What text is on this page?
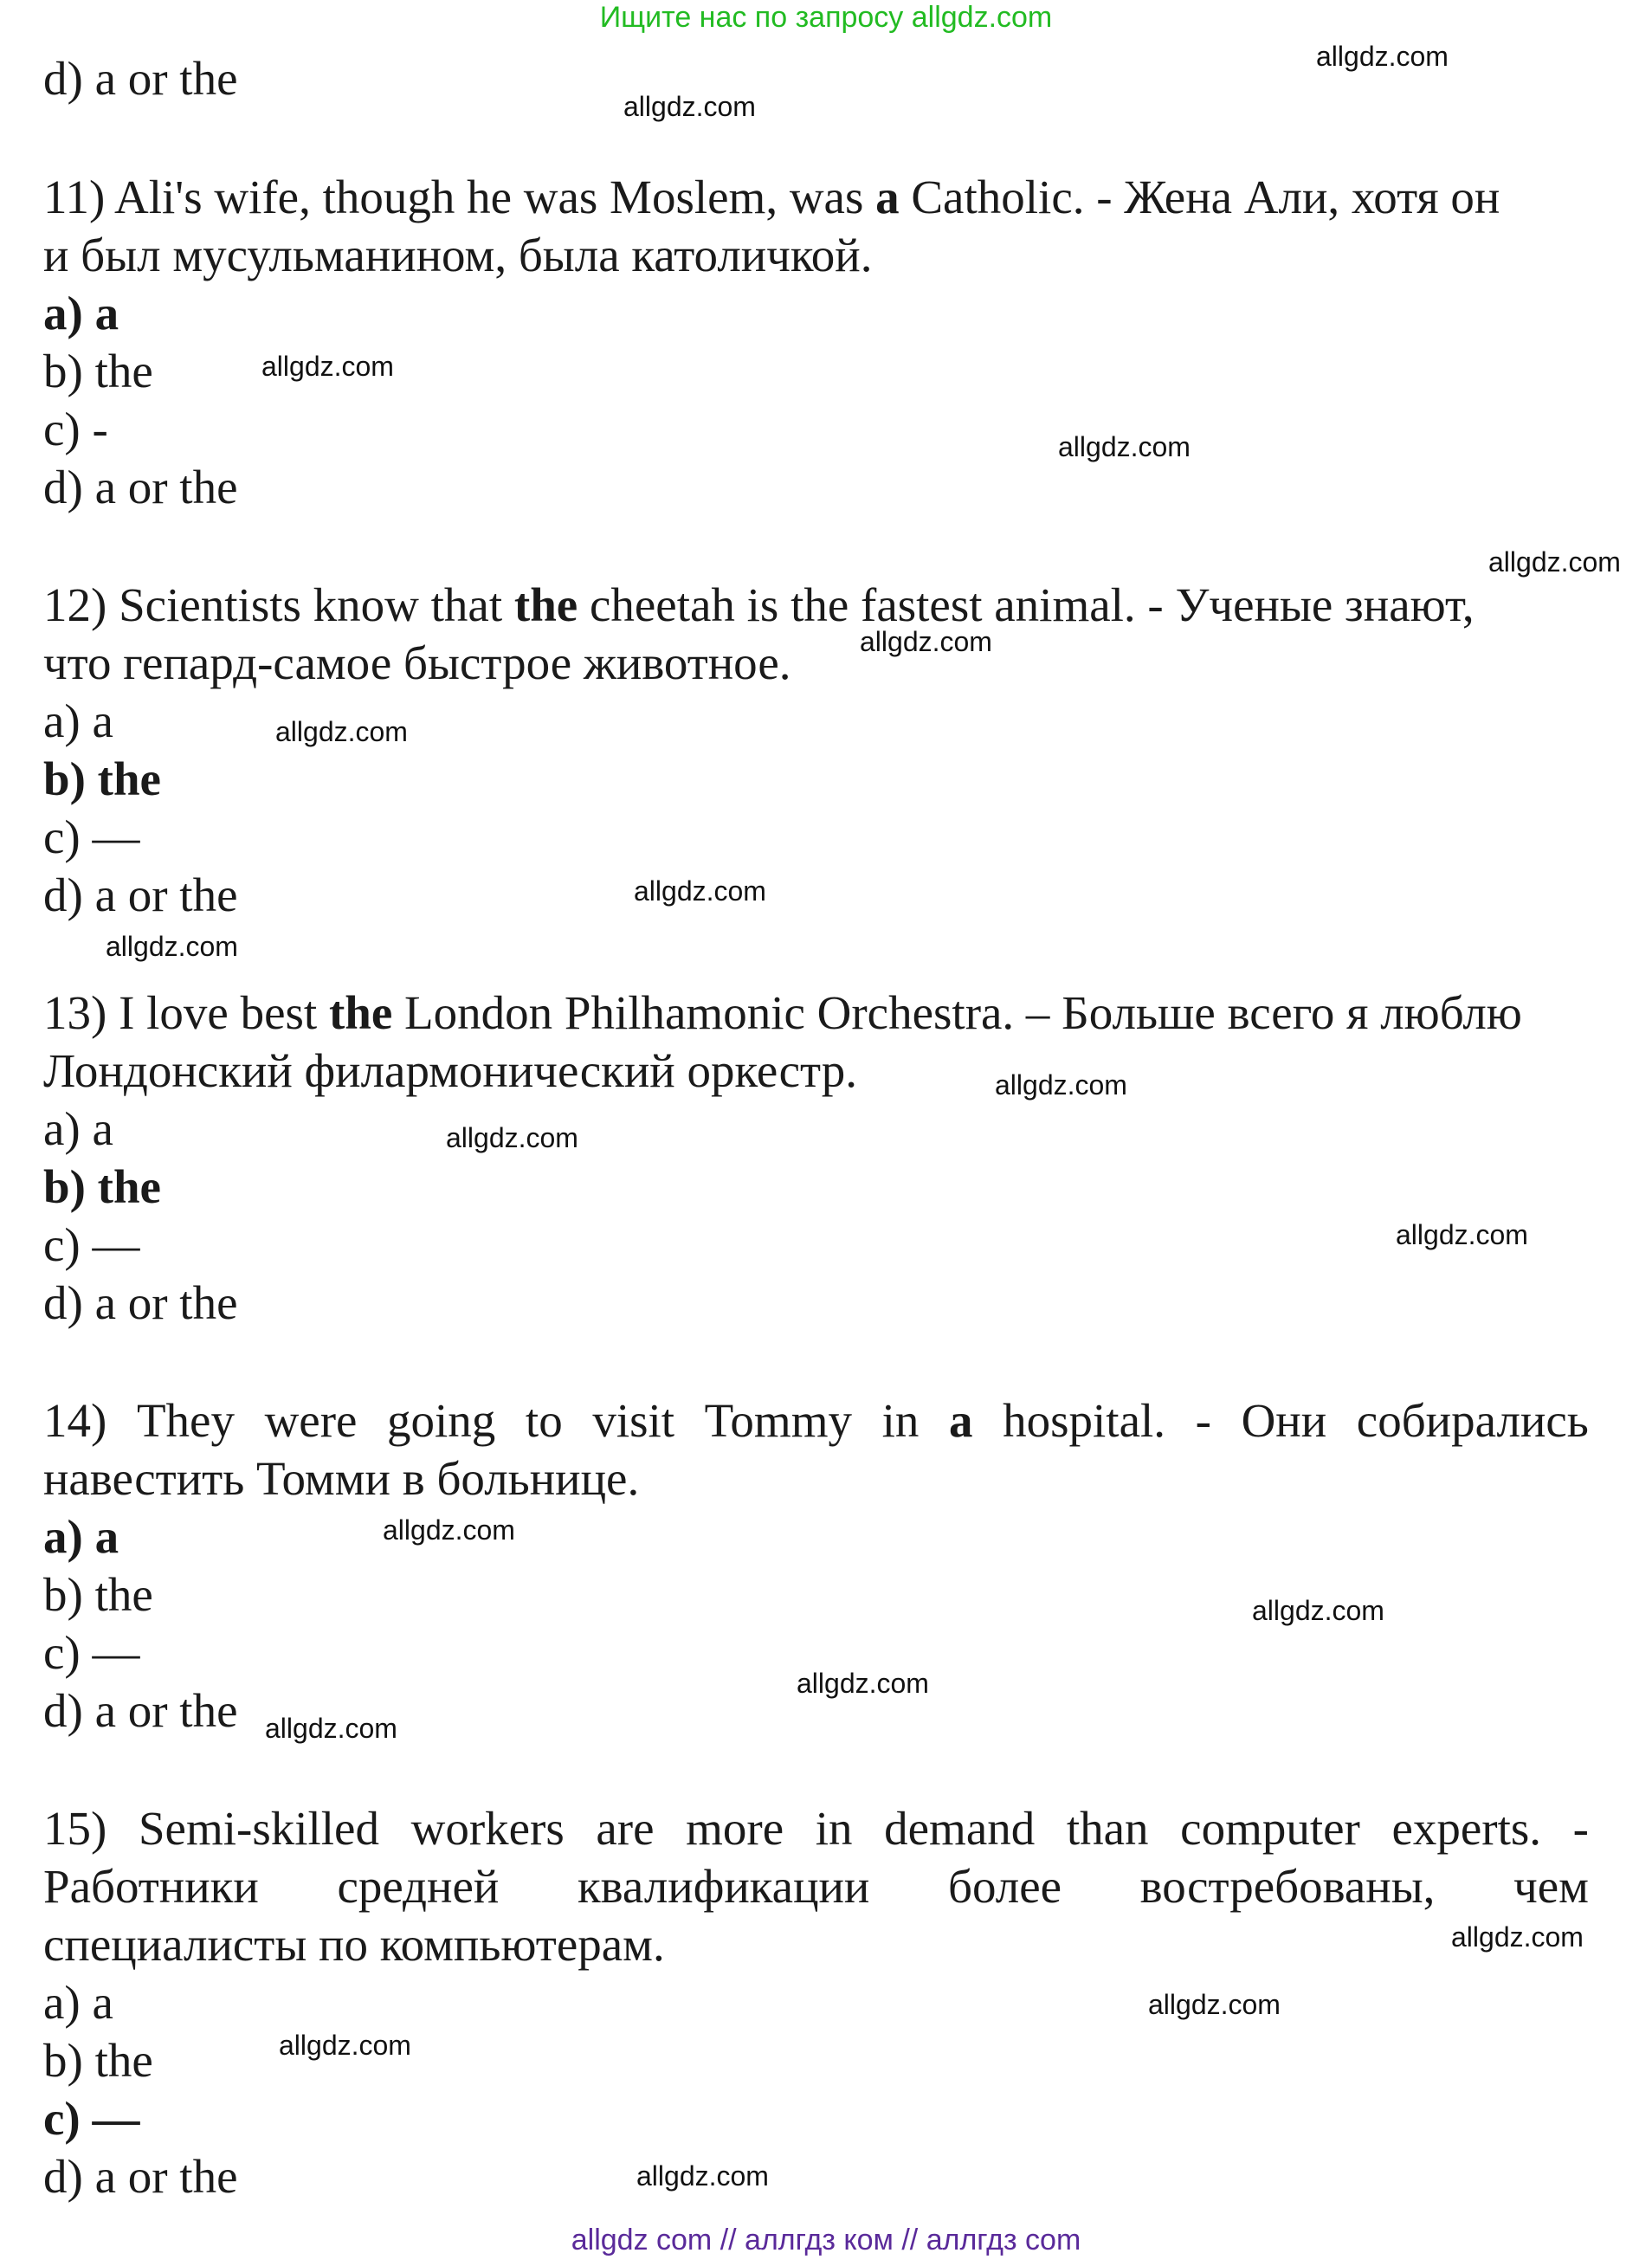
Ищите нас по запросу allgdz.com
d) a or the
11) Ali's wife, though he was Moslem, was a Catholic. - Жена Али, хотя он
и был мусульманином, была католичкой.
a) a
b) the
c) -
d) a or the
12) Scientists know that the cheetah is the fastest animal. - Ученые знают,
что гепард-самое быстрое животное.
a) a
b) the
c) —
d) a or the
13) I love best the London Philhamonic Orchestra. – Больше всего я люблю
Лондонский филармонический оркестр.
a) a
b) the
c) —
d) a or the
14) They were going to visit Tommy in a hospital. - Они собирались
навестить Томми в больнице.
a) a
b) the
c) —
d) a or the
15) Semi-skilled workers are more in demand than computer experts. -
Работники средней квалификации более востребованы, чем
специалисты по компьютерам.
a) a
b) the
c) —
d) a or the
allgdz.com
allgdz.com
allgdz.com
allgdz.com
allgdz.com
allgdz.com
allgdz.com
allgdz.com
allgdz.com
allgdz.com
allgdz.com
allgdz.com
allgdz.com
allgdz.com
allgdz.com
allgdz.com
allgdz.com
allgdz.com
allgdz.com
allgdz.com
allgdz com // аллгдз ком // аллгдз com
